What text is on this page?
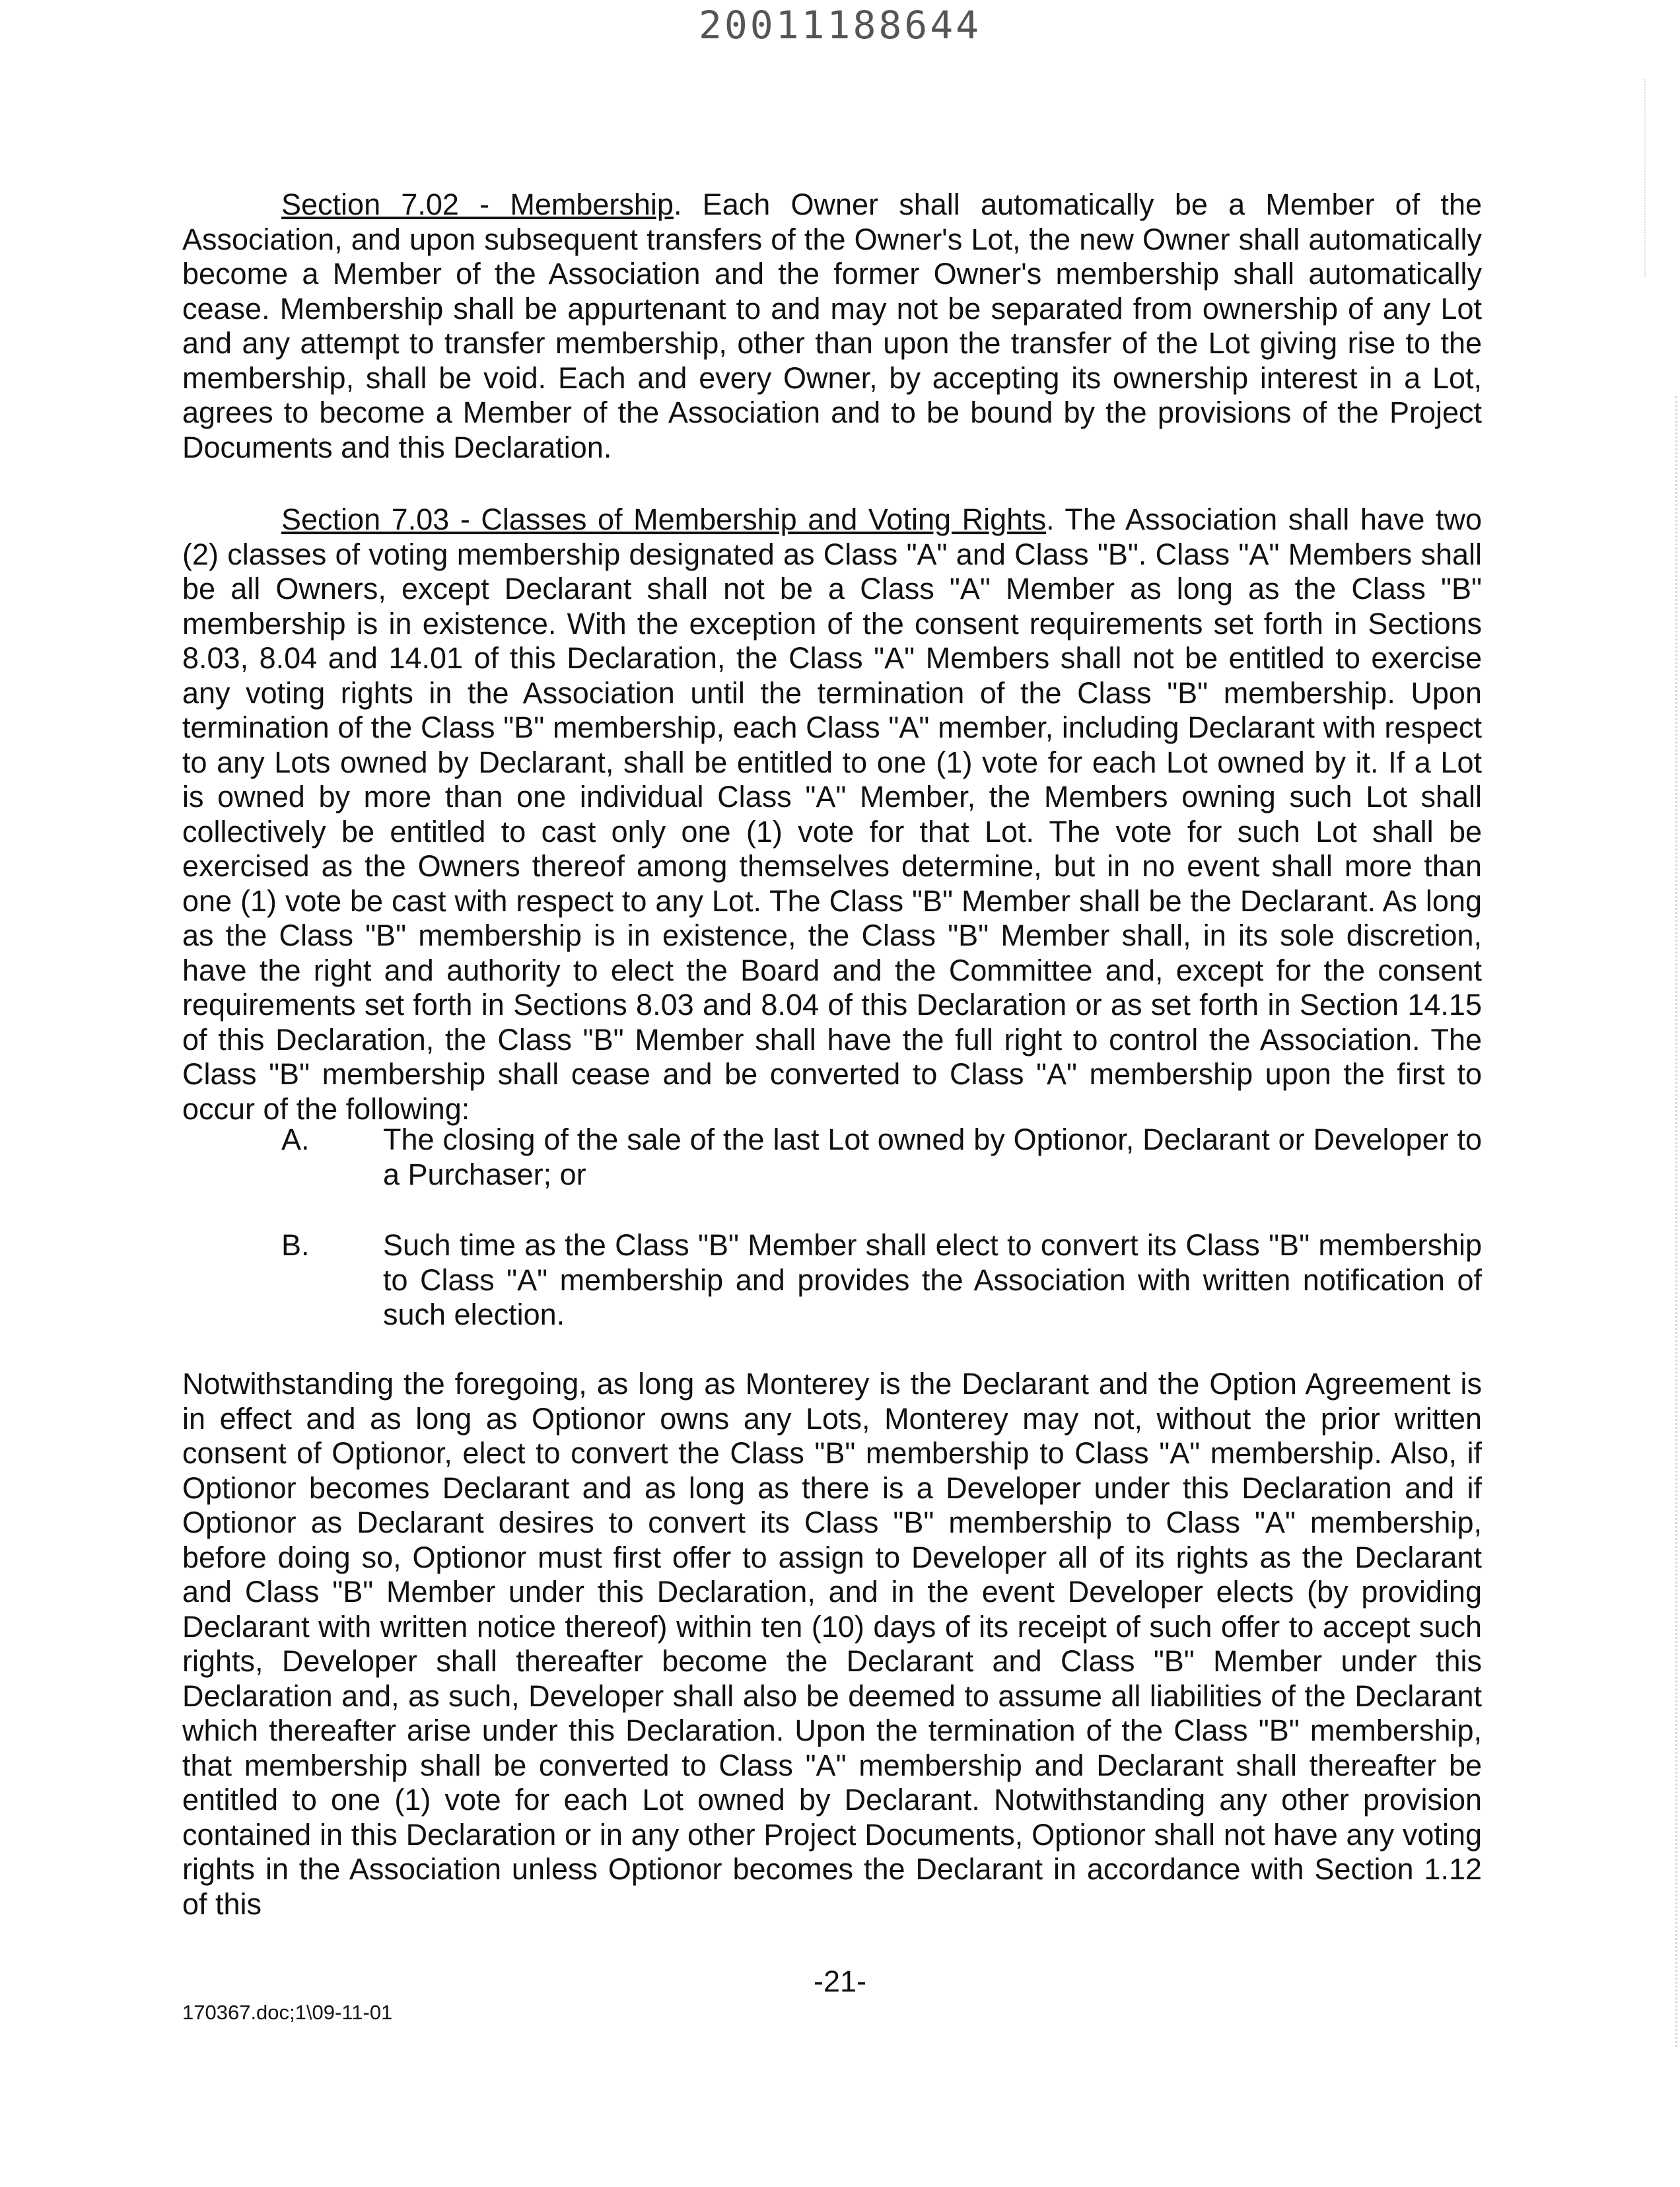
20011188644

Section 7.02 - Membership. Each Owner shall automatically be a Member of the Association, and upon subsequent transfers of the Owner's Lot, the new Owner shall automatically become a Member of the Association and the former Owner's membership shall automatically cease. Membership shall be appurtenant to and may not be separated from ownership of any Lot and any attempt to transfer membership, other than upon the transfer of the Lot giving rise to the membership, shall be void. Each and every Owner, by accepting its ownership interest in a Lot, agrees to become a Member of the Association and to be bound by the provisions of the Project Documents and this Declaration.

Section 7.03 - Classes of Membership and Voting Rights. The Association shall have two (2) classes of voting membership designated as Class "A" and Class "B". Class "A" Members shall be all Owners, except Declarant shall not be a Class "A" Member as long as the Class "B" membership is in existence. With the exception of the consent requirements set forth in Sections 8.03, 8.04 and 14.01 of this Declaration, the Class "A" Members shall not be entitled to exercise any voting rights in the Association until the termination of the Class "B" membership. Upon termination of the Class "B" membership, each Class "A" member, including Declarant with respect to any Lots owned by Declarant, shall be entitled to one (1) vote for each Lot owned by it. If a Lot is owned by more than one individual Class "A" Member, the Members owning such Lot shall collectively be entitled to cast only one (1) vote for that Lot. The vote for such Lot shall be exercised as the Owners thereof among themselves determine, but in no event shall more than one (1) vote be cast with respect to any Lot. The Class "B" Member shall be the Declarant. As long as the Class "B" membership is in existence, the Class "B" Member shall, in its sole discretion, have the right and authority to elect the Board and the Committee and, except for the consent requirements set forth in Sections 8.03 and 8.04 of this Declaration or as set forth in Section 14.15 of this Declaration, the Class "B" Member shall have the full right to control the Association. The Class "B" membership shall cease and be converted to Class "A" membership upon the first to occur of the following:

A.	The closing of the sale of the last Lot owned by Optionor, Declarant or Developer to a Purchaser; or
B.	Such time as the Class "B" Member shall elect to convert its Class "B" membership to Class "A" membership and provides the Association with written notification of such election.

Notwithstanding the foregoing, as long as Monterey is the Declarant and the Option Agreement is in effect and as long as Optionor owns any Lots, Monterey may not, without the prior written consent of Optionor, elect to convert the Class "B" membership to Class "A" membership. Also, if Optionor becomes Declarant and as long as there is a Developer under this Declaration and if Optionor as Declarant desires to convert its Class "B" membership to Class "A" membership, before doing so, Optionor must first offer to assign to Developer all of its rights as the Declarant and Class "B" Member under this Declaration, and in the event Developer elects (by providing Declarant with written notice thereof) within ten (10) days of its receipt of such offer to accept such rights, Developer shall thereafter become the Declarant and Class "B" Member under this Declaration and, as such, Developer shall also be deemed to assume all liabilities of the Declarant which thereafter arise under this Declaration. Upon the termination of the Class "B" membership, that membership shall be converted to Class "A" membership and Declarant shall thereafter be entitled to one (1) vote for each Lot owned by Declarant. Notwithstanding any other provision contained in this Declaration or in any other Project Documents, Optionor shall not have any voting rights in the Association unless Optionor becomes the Declarant in accordance with Section 1.12 of this

-21-
170367.doc;1\09-11-01
